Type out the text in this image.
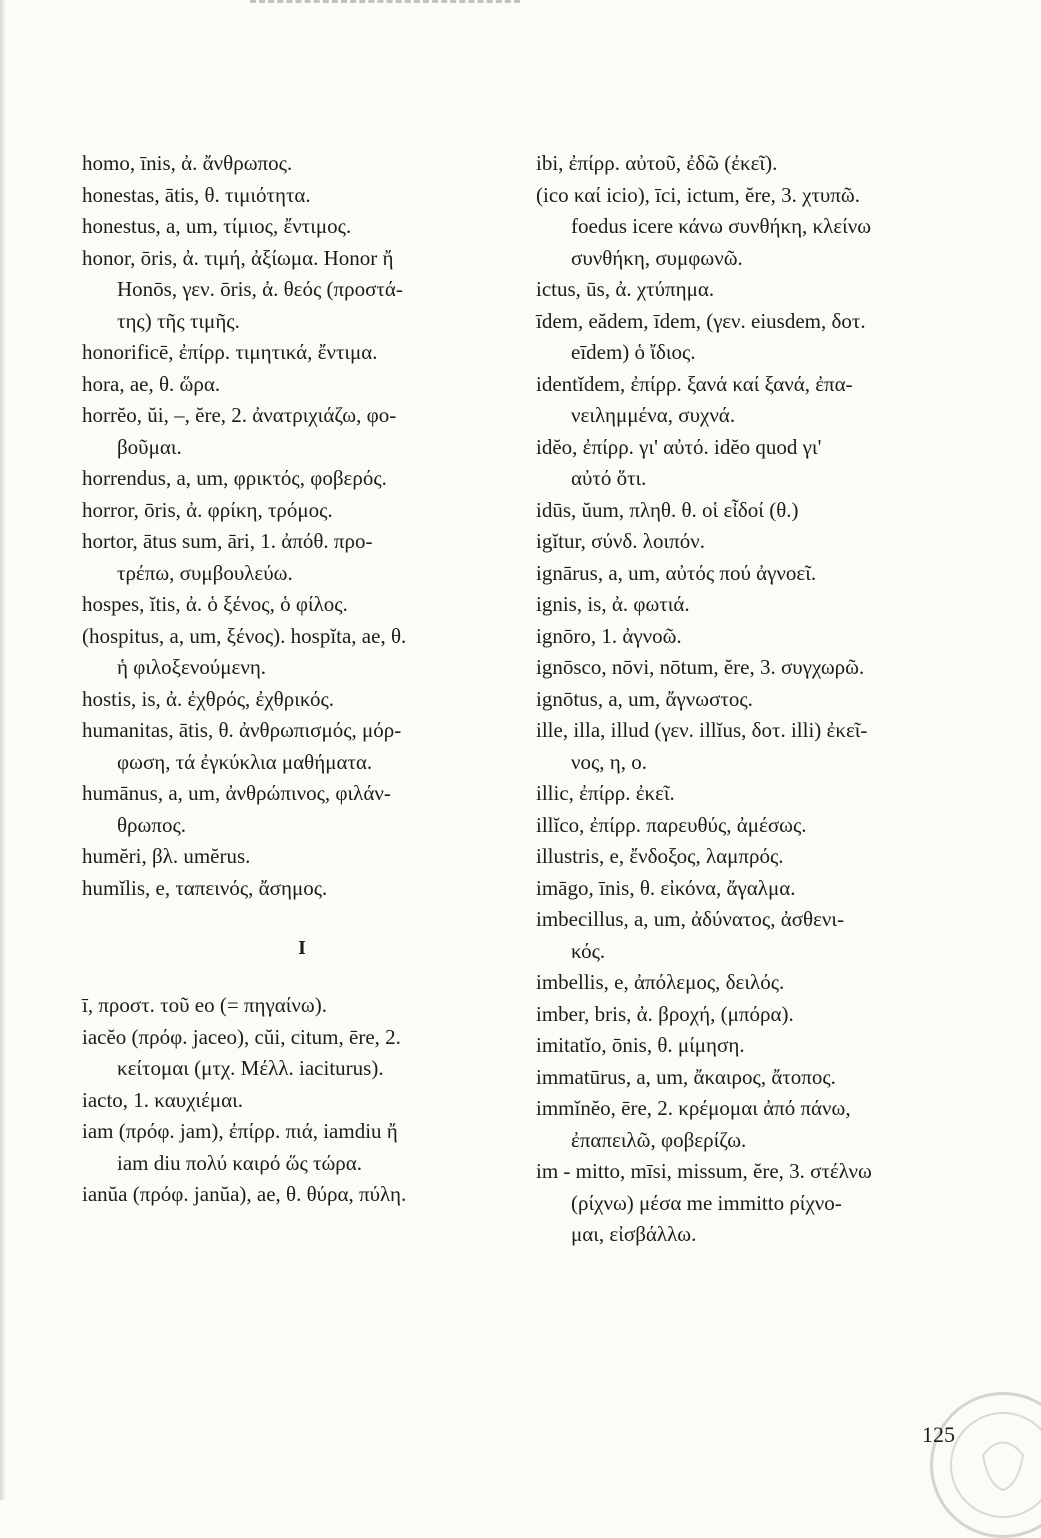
homo, īnis, ἀ. ἄνθρωπος.
honestas, ātis, θ. τιμιότητα.
honestus, a, um, τίμιος, ἔντιμος.
honor, ōris, ἀ. τιμή, ἀξίωμα. Honor ἤ
Honōs, γεν. ōris, ἀ. θεός (προστά-
της) τῆς τιμῆς.
honorificē, ἐπίρρ. τιμητικά, ἔντιμα.
hora, ae, θ. ὥρα.
horrĕo, ŭi, –, ĕre, 2. ἀνατριχιάζω, φο-
βοῦμαι.
horrendus, a, um, φρικτός, φοβερός.
horror, ōris, ἀ. φρίκη, τρόμος.
hortor, ātus sum, āri, 1. ἀπόθ. προ-
τρέπω, συμβουλεύω.
hospes, ĭtis, ἀ. ὁ ξένος, ὁ φίλος.
(hospitus, a, um, ξένος). hospĭta, ae, θ.
ἡ φιλοξενούμενη.
hostis, is, ἀ. ἐχθρός, ἐχθρικός.
humanitas, ātis, θ. ἀνθρωπισμός, μόρ-
φωση, τά ἐγκύκλια μαθήματα.
humānus, a, um, ἀνθρώπινος, φιλάν-
θρωπος.
humĕri, βλ. umĕrus.
humĭlis, e, ταπεινός, ἄσημος.
I
ī, προστ. τοῦ eo (= πηγαίνω).
iacĕo (πρόφ. jaceo), cŭi, citum, ēre, 2.
κείτομαι (μτχ. Μέλλ. iaciturus).
iacto, 1. καυχιέμαι.
iam (πρόφ. jam), ἐπίρρ. πιά, iamdiu ἤ
iam diu πολύ καιρό ὥς τώρα.
ianŭa (πρόφ. janŭa), ae, θ. θύρα, πύλη.
ibi, ἐπίρρ. αὐτοῦ, ἐδῶ (ἐκεῖ).
(ico καί icio), īci, ictum, ĕre, 3. χτυπῶ.
foedus icere κάνω συνθήκη, κλείνω
συνθήκη, συμφωνῶ.
ictus, ūs, ἀ. χτύπημα.
īdem, eădem, īdem, (γεν. eiusdem, δοτ.
eīdem) ὁ ἴδιος.
identĭdem, ἐπίρρ. ξανά καί ξανά, ἐπα-
νειλημμένα, συχνά.
idĕo, ἐπίρρ. γι' αὐτό. idĕo quod γι'
αὐτό ὅτι.
idūs, ŭum, πληθ. θ. οἱ εἶδοί (θ.)
igĭtur, σύνδ. λοιπόν.
ignārus, a, um, αὐτός πού ἀγνοεῖ.
ignis, is, ἀ. φωτιά.
ignōro, 1. ἀγνοῶ.
ignōsco, nōvi, nōtum, ĕre, 3. συγχωρῶ.
ignōtus, a, um, ἄγνωστος.
ille, illa, illud (γεν. illĭus, δοτ. illi) ἐκεῖ-
νος, η, ο.
illic, ἐπίρρ. ἐκεῖ.
illĭco, ἐπίρρ. παρευθύς, ἀμέσως.
illustris, e, ἔνδοξος, λαμπρός.
imāgo, īnis, θ. εἰκόνα, ἄγαλμα.
imbecillus, a, um, ἀδύνατος, ἀσθενι-
κός.
imbellis, e, ἀπόλεμος, δειλός.
imber, bris, ἀ. βροχή, (μπόρα).
imitatĭo, ōnis, θ. μίμηση.
immatūrus, a, um, ἄκαιρος, ἄτοπος.
immĭnĕo, ēre, 2. κρέμομαι ἀπό πάνω,
ἐπαπειλῶ, φοβερίζω.
im - mitto, mīsi, missum, ĕre, 3. στέλνω
(ρίχνω) μέσα me immitto ρίχνο-
μαι, εἰσβάλλω.
125
